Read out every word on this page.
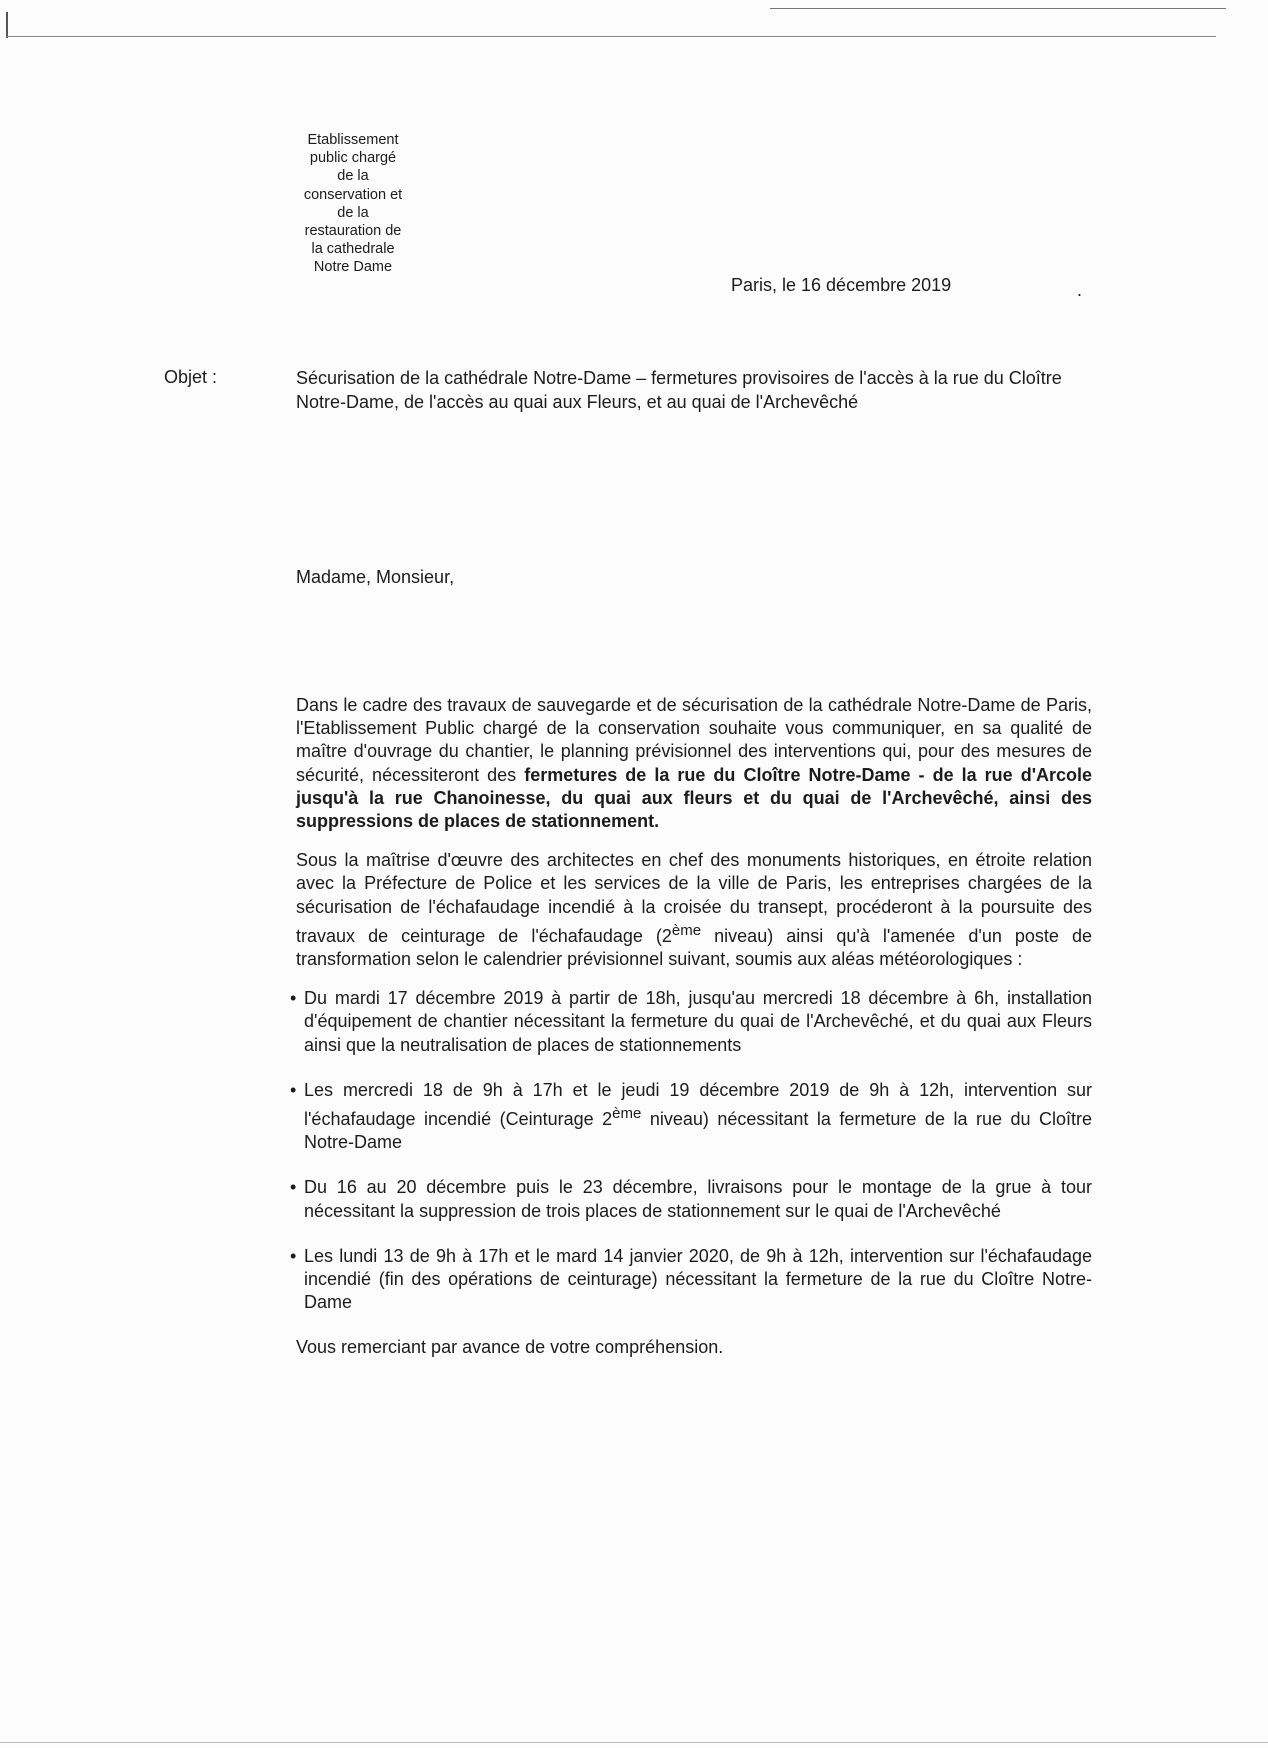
Etablissement
public chargé
de la
conservation et
de la
restauration de
la cathedrale
Notre Dame
Paris, le 16 décembre 2019	.
Objet :	Sécurisation de la cathédrale Notre-Dame – fermetures provisoires de l'accès à la rue du Cloître Notre-Dame, de l'accès au quai aux Fleurs, et au quai de l'Archevêché
Madame, Monsieur,

Dans le cadre des travaux de sauvegarde et de sécurisation de la cathédrale Notre-Dame de Paris, l'Etablissement Public chargé de la conservation souhaite vous communiquer, en sa qualité de maître d'ouvrage du chantier, le planning prévisionnel des interventions qui, pour des mesures de sécurité, nécessiteront des fermetures de la rue du Cloître Notre-Dame - de la rue d'Arcole jusqu'à la rue Chanoinesse, du quai aux fleurs et du quai de l'Archevêché, ainsi des suppressions de places de stationnement.

Sous la maîtrise d'œuvre des architectes en chef des monuments historiques, en étroite relation avec la Préfecture de Police et les services de la ville de Paris, les entreprises chargées de la sécurisation de l'échafaudage incendié à la croisée du transept, procéderont à la poursuite des travaux de ceinturage de l'échafaudage (2ème niveau) ainsi qu'à l'amenée d'un poste de transformation selon le calendrier prévisionnel suivant, soumis aux aléas météorologiques :

• Du mardi 17 décembre 2019 à partir de 18h, jusqu'au mercredi 18 décembre à 6h, installation d'équipement de chantier nécessitant la fermeture du quai de l'Archevêché, et du quai aux Fleurs ainsi que la neutralisation de places de stationnements
• Les mercredi 18 de 9h à 17h et le jeudi 19 décembre 2019 de 9h à 12h, intervention sur l'échafaudage incendié (Ceinturage 2ème niveau) nécessitant la fermeture de la rue du Cloître Notre-Dame
• Du 16 au 20 décembre puis le 23 décembre, livraisons pour le montage de la grue à tour nécessitant la suppression de trois places de stationnement sur le quai de l'Archevêché
• Les lundi 13 de 9h à 17h et le mard 14 janvier 2020, de 9h à 12h, intervention sur l'échafaudage incendié (fin des opérations de ceinturage) nécessitant la fermeture de la rue du Cloître Notre-Dame

Vous remerciant par avance de votre compréhension.
